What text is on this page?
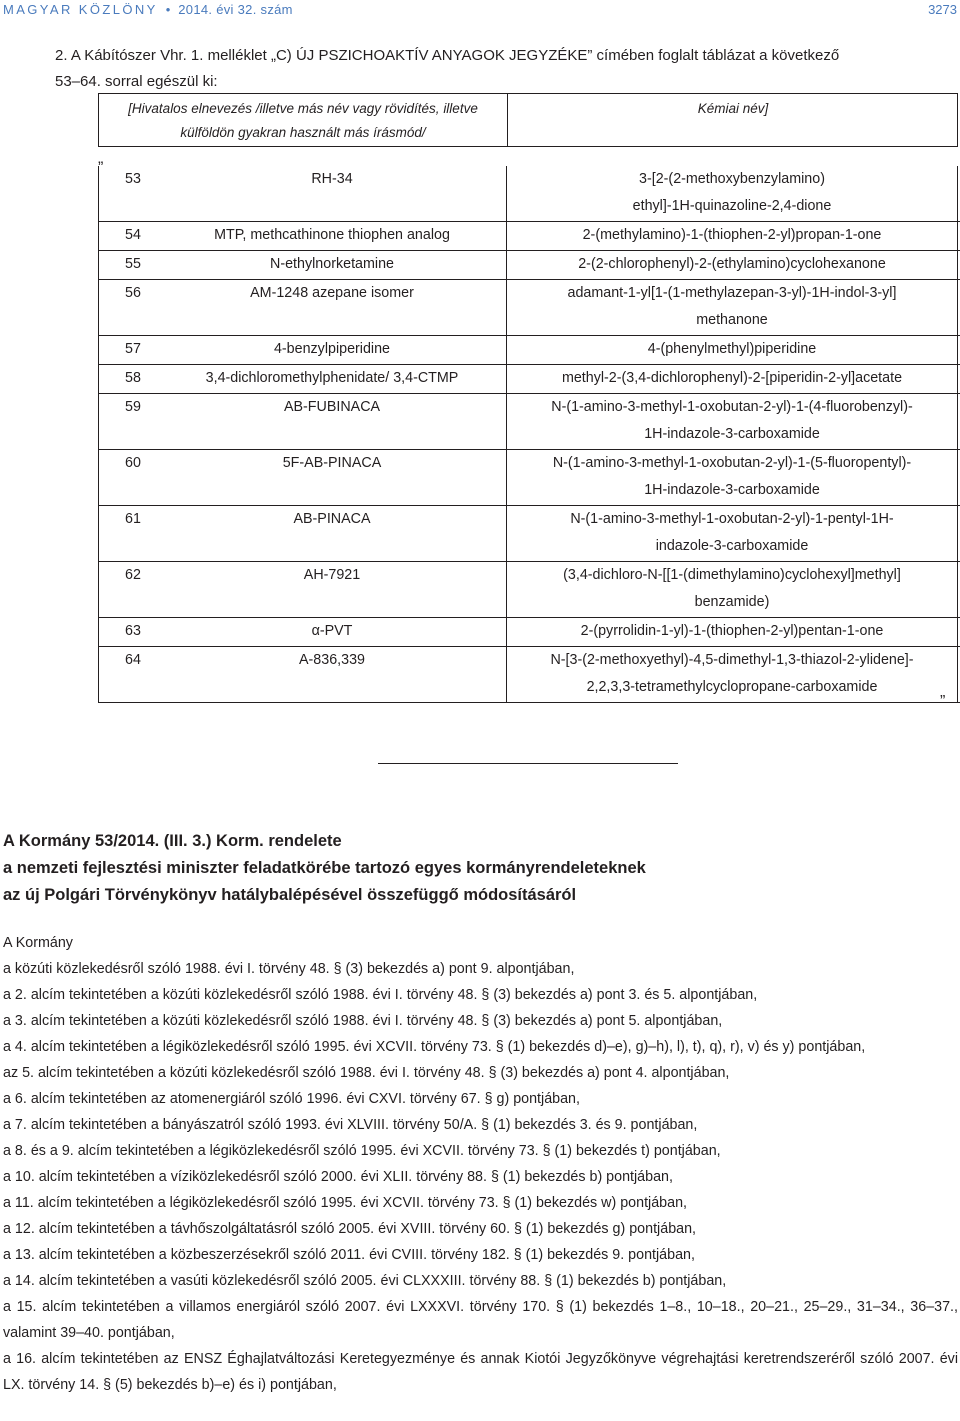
MAGYAR KÖZLÖNY • 2014. évi 32. szám	3273
2. A Kábítószer Vhr. 1. melléklet „C) ÚJ PSZICHOAKTÍV ANYAGOK JEGYZÉKE” címében foglalt táblázat a következő
53–64. sorral egészül ki:
[Hivatalos elnevezés /illetve más név vagy rövidítés, illetve
külföldön gyakran használt más írásmód/
Kémiai név]
„
53	RH-34	3-[2-(2-methoxybenzylamino)
ethyl]-1H-quinazoline-2,4-dione
54	MTP, methcathinone thiophen analog	2-(methylamino)-1-(thiophen-2-yl)propan-1-one
55	N-ethylnorketamine	2-(2-chlorophenyl)-2-(ethylamino)cyclohexanone
56	AM-1248 azepane isomer	adamant-1-yl[1-(1-methylazepan-3-yl)-1H-indol-3-yl]
methanone
57	4-benzylpiperidine	4-(phenylmethyl)piperidine
58	3,4-dichloromethylphenidate/ 3,4-CTMP	methyl-2-(3,4-dichlorophenyl)-2-[piperidin-2-yl]acetate
59	AB-FUBINACA	N-(1-amino-3-methyl-1-oxobutan-2-yl)-1-(4-fluorobenzyl)-
1H-indazole-3-carboxamide
60	5F-AB-PINACA	N-(1-amino-3-methyl-1-oxobutan-2-yl)-1-(5-fluoropentyl)-
1H-indazole-3-carboxamide
61	AB-PINACA	N-(1-amino-3-methyl-1-oxobutan-2-yl)-1-pentyl-1H-
indazole-3-carboxamide
62	AH-7921	(3,4-dichloro-N-[[1-(dimethylamino)cyclohexyl]methyl]
benzamide)
63	α-PVT	2-(pyrrolidin-1-yl)-1-(thiophen-2-yl)pentan-1-one
64	A-836,339	N-[3-(2-methoxyethyl)-4,5-dimethyl-1,3-thiazol-2-ylidene]-
2,2,3,3-tetramethylcyclopropane-carboxamide
”
A Kormány 53/2014. (III. 3.) Korm. rendelete
a nemzeti fejlesztési miniszter feladatkörébe tartozó egyes kormányrendeleteknek
az új Polgári Törvénykönyv hatálybalépésével összefüggő módosításáról
A Kormány
a közúti közlekedésről szóló 1988. évi I. törvény 48. § (3) bekezdés a) pont 9. alpontjában,
a 2. alcím tekintetében a közúti közlekedésről szóló 1988. évi I. törvény 48. § (3) bekezdés a) pont 3. és 5. alpontjában,
a 3. alcím tekintetében a közúti közlekedésről szóló 1988. évi I. törvény 48. § (3) bekezdés a) pont 5. alpontjában,
a 4. alcím tekintetében a légiközlekedésről szóló 1995. évi XCVII. törvény 73. § (1) bekezdés d)–e), g)–h), l), t), q), r), v) és y) pontjában,
az 5. alcím tekintetében a közúti közlekedésről szóló 1988. évi I. törvény 48. § (3) bekezdés a) pont 4. alpontjában,
a 6. alcím tekintetében az atomenergiáról szóló 1996. évi CXVI. törvény 67. § g) pontjában,
a 7. alcím tekintetében a bányászatról szóló 1993. évi XLVIII. törvény 50/A. § (1) bekezdés 3. és 9. pontjában,
a 8. és a 9. alcím tekintetében a légiközlekedésről szóló 1995. évi XCVII. törvény 73. § (1) bekezdés t) pontjában,
a 10. alcím tekintetében a víziközlekedésről szóló 2000. évi XLII. törvény 88. § (1) bekezdés b) pontjában,
a 11. alcím tekintetében a légiközlekedésről szóló 1995. évi XCVII. törvény 73. § (1) bekezdés w) pontjában,
a 12. alcím tekintetében a távhőszolgáltatásról szóló 2005. évi XVIII. törvény 60. § (1) bekezdés g) pontjában,
a 13. alcím tekintetében a közbeszerzésekről szóló 2011. évi CVIII. törvény 182. § (1) bekezdés 9. pontjában,
a 14. alcím tekintetében a vasúti közlekedésről szóló 2005. évi CLXXXIII. törvény 88. § (1) bekezdés b) pontjában,
a 15. alcím tekintetében a villamos energiáról szóló 2007. évi LXXXVI. törvény 170. § (1) bekezdés 1–8., 10–18., 20–21., 25–29., 31–34., 36–37., valamint 39–40. pontjában,
a 16. alcím tekintetében az ENSZ Éghajlatváltozási Keretegyezménye és annak Kiotói Jegyzőkönyve végrehajtási keretrendszeréről szóló 2007. évi LX. törvény 14. § (5) bekezdés b)–e) és i) pontjában,
